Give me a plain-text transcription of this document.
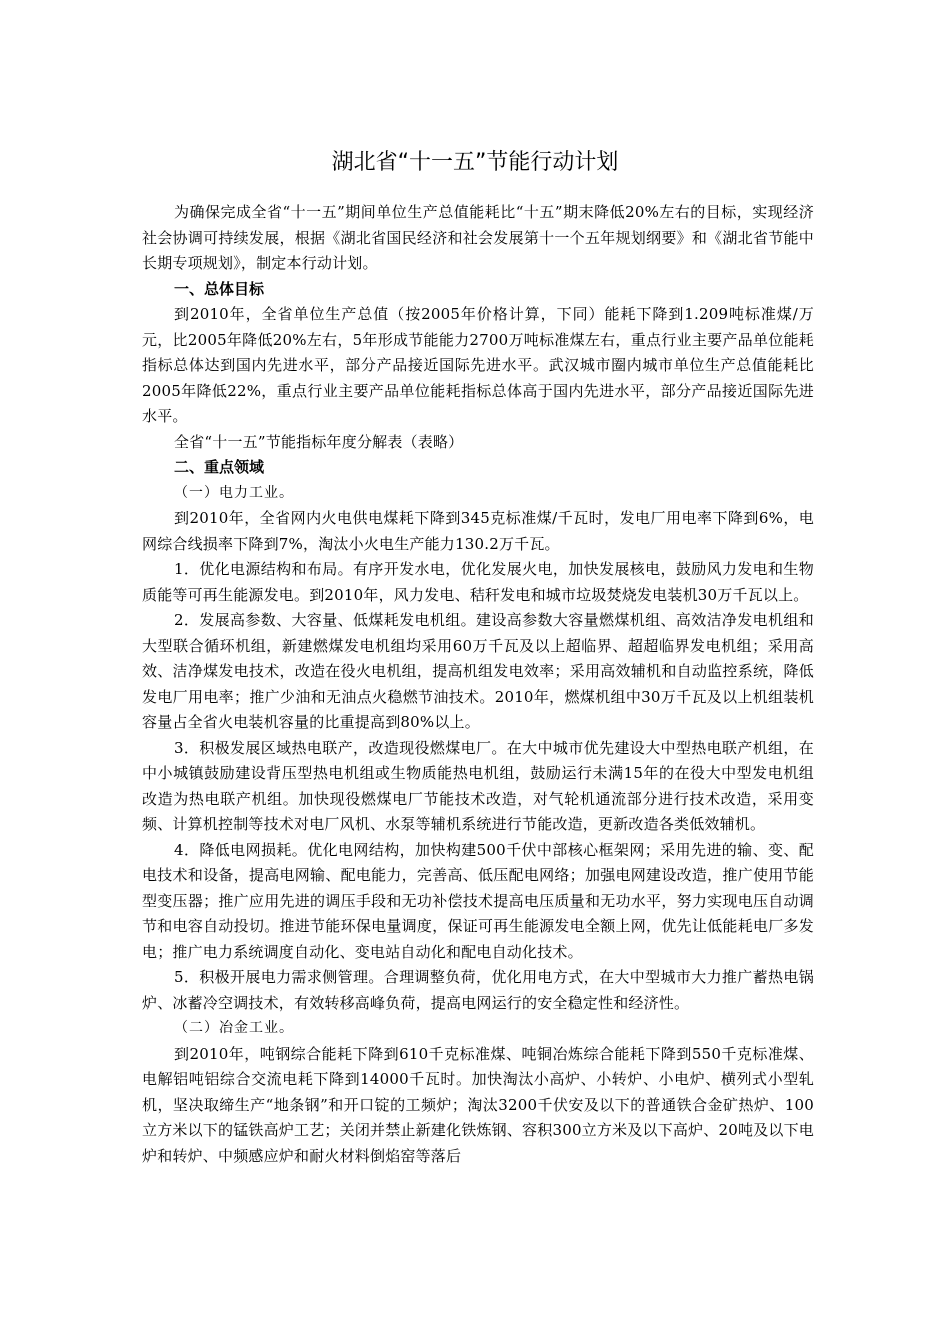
湖北省“十一五”节能行动计划

为确保完成全省“十一五”期间单位生产总值能耗比“十五”期末降低20%左右的目标，实现经济社会协调可持续发展，根据《湖北省国民经济和社会发展第十一个五年规划纲要》和《湖北省节能中长期专项规划》，制定本行动计划。

一、总体目标

到2010年，全省单位生产总值（按2005年价格计算，下同）能耗下降到1.209吨标准煤/万元，比2005年降低20%左右，5年形成节能能力2700万吨标准煤左右，重点行业主要产品单位能耗指标总体达到国内先进水平，部分产品接近国际先进水平。武汉城市圈内城市单位生产总值能耗比2005年降低22%，重点行业主要产品单位能耗指标总体高于国内先进水平，部分产品接近国际先进水平。

全省“十一五”节能指标年度分解表（表略）

二、重点领域

（一）电力工业。

到2010年，全省网内火电供电煤耗下降到345克标准煤/千瓦时，发电厂用电率下降到6%，电网综合线损率下降到7%，淘汰小火电生产能力130.2万千瓦。

1．优化电源结构和布局。有序开发水电，优化发展火电，加快发展核电，鼓励风力发电和生物质能等可再生能源发电。到2010年，风力发电、秸秆发电和城市垃圾焚烧发电装机30万千瓦以上。

2．发展高参数、大容量、低煤耗发电机组。建设高参数大容量燃煤机组、高效洁净发电机组和大型联合循环机组，新建燃煤发电机组均采用60万千瓦及以上超临界、超超临界发电机组；采用高效、洁净煤发电技术，改造在役火电机组，提高机组发电效率；采用高效辅机和自动监控系统，降低发电厂用电率；推广少油和无油点火稳燃节油技术。2010年，燃煤机组中30万千瓦及以上机组装机容量占全省火电装机容量的比重提高到80%以上。

3．积极发展区域热电联产，改造现役燃煤电厂。在大中城市优先建设大中型热电联产机组，在中小城镇鼓励建设背压型热电机组或生物质能热电机组，鼓励运行未满15年的在役大中型发电机组改造为热电联产机组。加快现役燃煤电厂节能技术改造，对气轮机通流部分进行技术改造，采用变频、计算机控制等技术对电厂风机、水泵等辅机系统进行节能改造，更新改造各类低效辅机。

4．降低电网损耗。优化电网结构，加快构建500千伏中部核心框架网；采用先进的输、变、配电技术和设备，提高电网输、配电能力，完善高、低压配电网络；加强电网建设改造，推广使用节能型变压器；推广应用先进的调压手段和无功补偿技术提高电压质量和无功水平，努力实现电压自动调节和电容自动投切。推进节能环保电量调度，保证可再生能源发电全额上网，优先让低能耗电厂多发电；推广电力系统调度自动化、变电站自动化和配电自动化技术。

5．积极开展电力需求侧管理。合理调整负荷，优化用电方式，在大中型城市大力推广蓄热电锅炉、冰蓄冷空调技术，有效转移高峰负荷，提高电网运行的安全稳定性和经济性。

（二）冶金工业。

到2010年，吨钢综合能耗下降到610千克标准煤、吨铜冶炼综合能耗下降到550千克标准煤、电解铝吨铝综合交流电耗下降到14000千瓦时。加快淘汰小高炉、小转炉、小电炉、横列式小型轧机，坚决取缔生产“地条钢”和开口锭的工频炉；淘汰3200千伏安及以下的普通铁合金矿热炉、100立方米以下的锰铁高炉工艺；关闭并禁止新建化铁炼钢、容积300立方米及以下高炉、20吨及以下电炉和转炉、中频感应炉和耐火材料倒焰窑等落后
